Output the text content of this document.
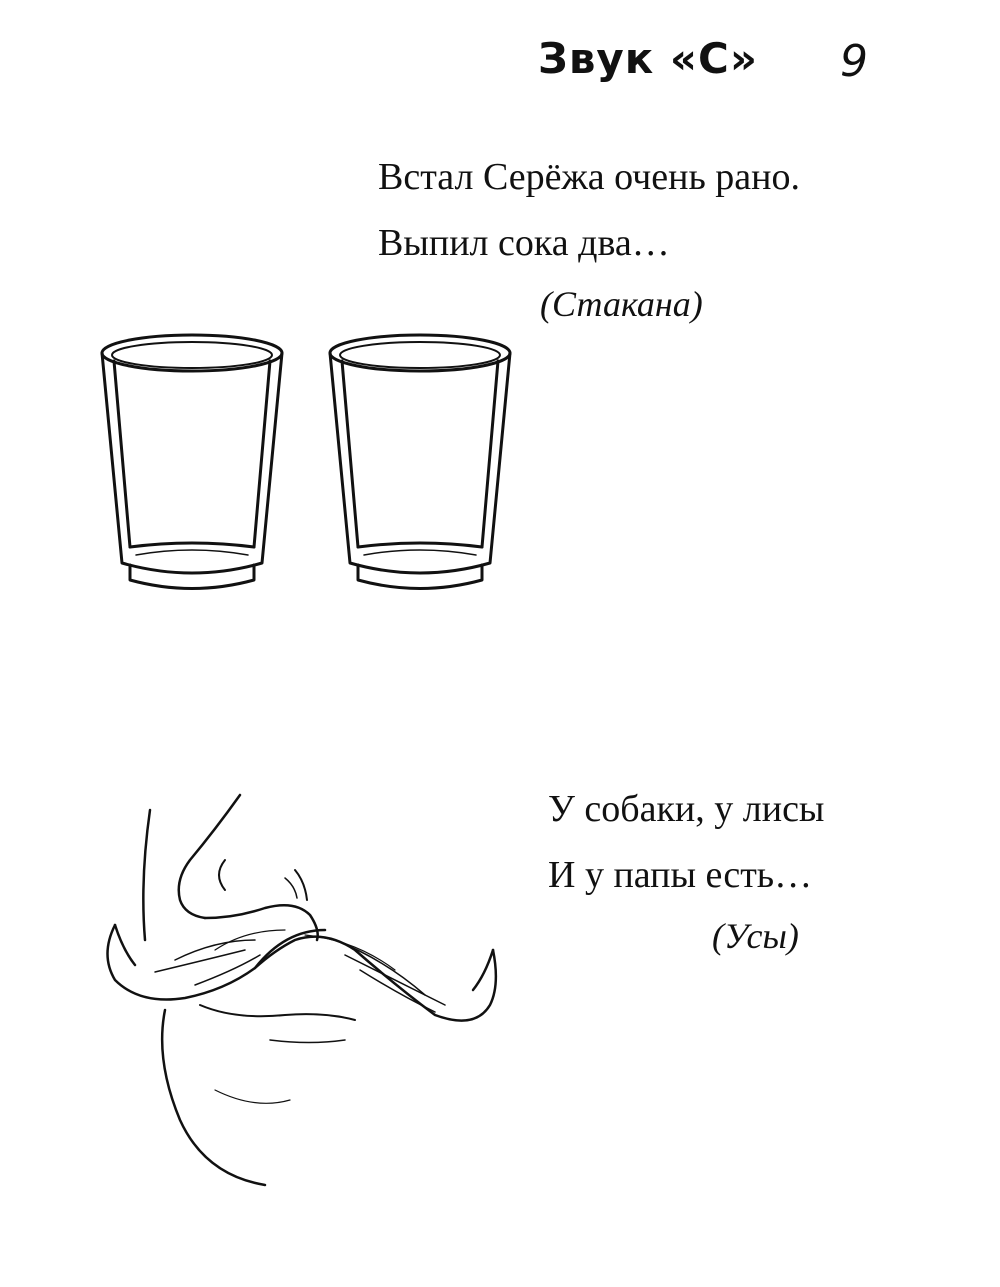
Звук «С» 9
Встал Серёжа очень рано.
Выпил сока два…
(Стакана)
У собаки, у лисы
И у папы есть…
(Усы)
